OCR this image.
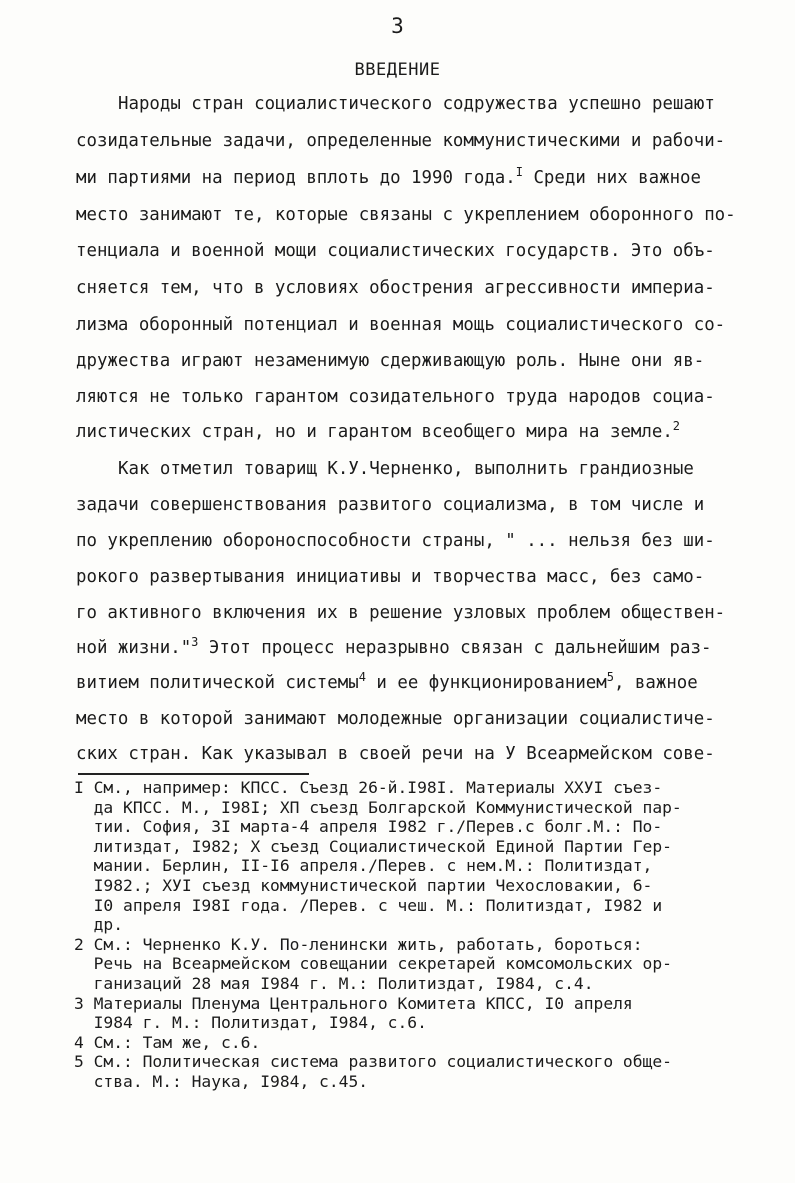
3
ВВЕДЕНИЕ
Народы стран социалистического содружества успешно решают
созидательные задачи, определенные коммунистическими и рабочи-
ми партиями на период вплоть до 1990 года.$^I$ Среди них важное
место занимают те, которые связаны с укреплением оборонного по-
тенциала и военной мощи социалистических государств. Это объ-
сняется тем, что в условиях обострения агрессивности империа-
лизма оборонный потенциал и военная мощь социалистического со-
дружества играют незаменимую сдерживающую роль. Ныне они яв-
ляются не только гарантом созидательного труда народов социа-
листических стран, но и гарантом всеобщего мира на земле.$^2$
Как отметил товарищ К.У.Черненко, выполнить грандиозные
задачи совершенствования развитого социализма, в том числе и
по укреплению обороноспособности страны, " ... нельзя без ши-
рокого развертывания инициативы и творчества масс, без само-
го активного включения их в решение узловых проблем обществен-
ной жизни."$^3$ Этот процесс неразрывно связан с дальнейшим раз-
витием политической системы$^4$ и ее функционированием$^5$, важное
место в которой занимают молодежные организации социалистиче-
ских стран. Как указывал в своей речи на У Всеармейском сове-
I См., например: КПСС. Съезд 26-й.I98I. Материалы XXУI съез-
да КПСС. М., I98I; XП съезд Болгарской Коммунистической пар-
тии. София, 3I марта-4 апреля I982 г./Перев.с болг.М.: По-
литиздат, I982; X съезд Социалистической Единой Партии Гер-
мании. Берлин, II-I6 апреля./Перев. с нем.М.: Политиздат,
I982.; XУI съезд коммунистической партии Чехословакии, 6-
I0 апреля I98I года. /Перев. с чеш. М.: Политиздат, I982 и
др.
2 См.: Черненко К.У. По-ленински жить, работать, бороться:
Речь на Всеармейском совещании секретарей комсомольских ор-
ганизаций 28 мая I984 г. М.: Политиздат, I984, с.4.
3 Материалы Пленума Центрального Комитета КПСС, I0 апреля
I984 г. М.: Политиздат, I984, с.6.
4 См.: Там же, с.6.
5 См.: Политическая система развитого социалистического обще-
ства. М.: Наука, I984, с.45.
